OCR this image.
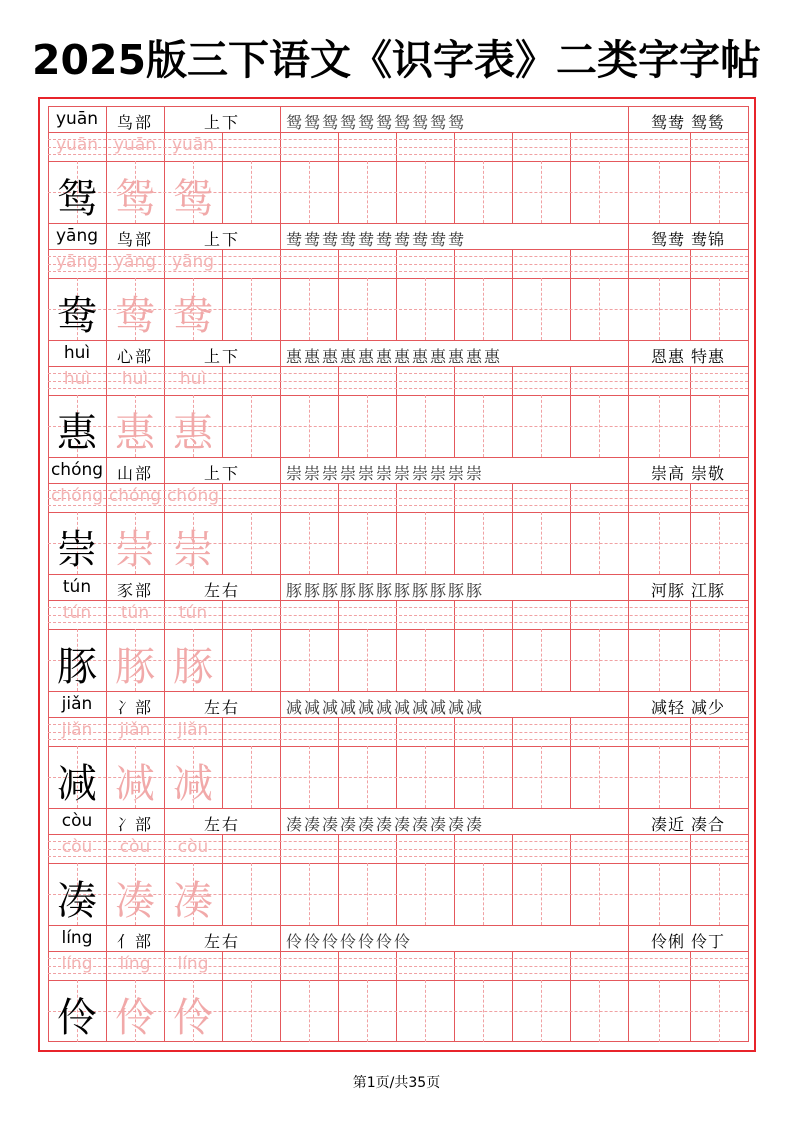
2025版三下语文《识字表》二类字字帖
yuān	鸟部	上下	鸳鸳鸳鸳鸳鸳鸳鸳鸳鸳	鸳鸯 鸳鸶
yuān yuān yuān
鸳 鸳 鸳
yāng	鸟部	上下	鸯鸯鸯鸯鸯鸯鸯鸯鸯鸯	鸳鸯 鸯锦
yāng yāng yāng
鸯 鸯 鸯
huì	心部	上下	惠惠惠惠惠惠惠惠惠惠惠惠	恩惠 特惠
huì	huì	huì
惠 惠 惠
chóng 山部	上下	崇崇崇崇崇崇崇崇崇崇崇	崇高 崇敬
chóng chóng chóng
崇 崇 崇
tún	豕部	左右	豚豚豚豚豚豚豚豚豚豚豚	河豚 江豚
tún	tún	tún
豚 豚 豚
jiǎn	冫部	左右	减减减减减减减减减减减	减轻 减少
jiǎn	jiǎn	jiǎn
减 减 减
còu	冫部	左右	凑凑凑凑凑凑凑凑凑凑凑	凑近 凑合
còu	còu	còu
凑 凑 凑
líng	亻部	左右	伶伶伶伶伶伶伶	伶俐 伶丁
líng	líng	líng
伶 伶 伶
第1页/共35页
